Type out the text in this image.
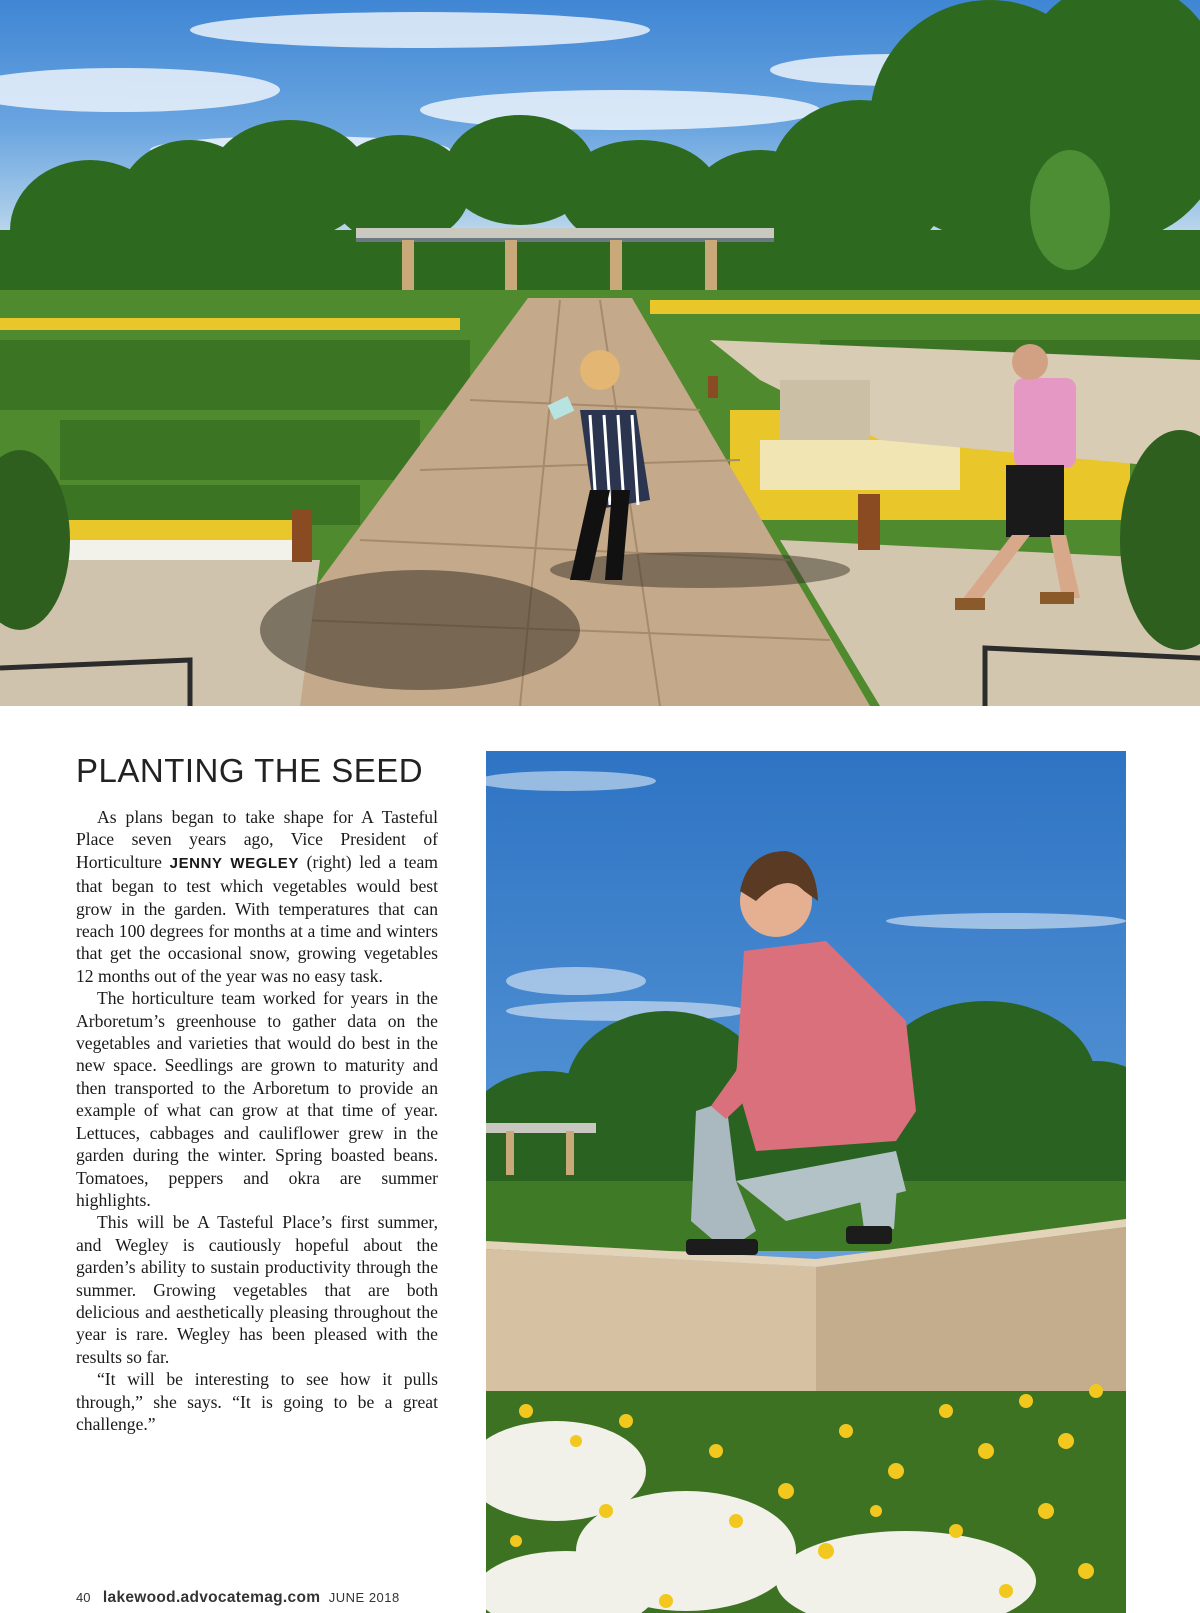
PLANTING THE SEED

As plans began to take shape for A Tasteful Place seven years ago, Vice President of Horticulture JENNY WEGLEY (right) led a team that began to test which vegetables would best grow in the garden. With temperatures that can reach 100 degrees for months at a time and winters that get the occasional snow, growing vegetables 12 months out of the year was no easy task.

The horticulture team worked for years in the Arboretum’s greenhouse to gather data on the vegetables and varieties that would do best in the new space. Seedlings are grown to maturity and then transported to the Arboretum to provide an example of what can grow at that time of year. Lettuces, cabbages and cauliflower grew in the garden during the winter. Spring boasted beans. Tomatoes, peppers and okra are summer highlights.

This will be A Tasteful Place’s first summer, and Wegley is cautiously hopeful about the garden’s ability to sustain productivity through the summer. Growing vegetables that are both delicious and aesthetically pleasing throughout the year is rare. Wegley has been pleased with the results so far.

“It will be interesting to see how it pulls through,” she says. “It is going to be a great challenge.”

40 lakewood.advocatemag.com JUNE 2018
